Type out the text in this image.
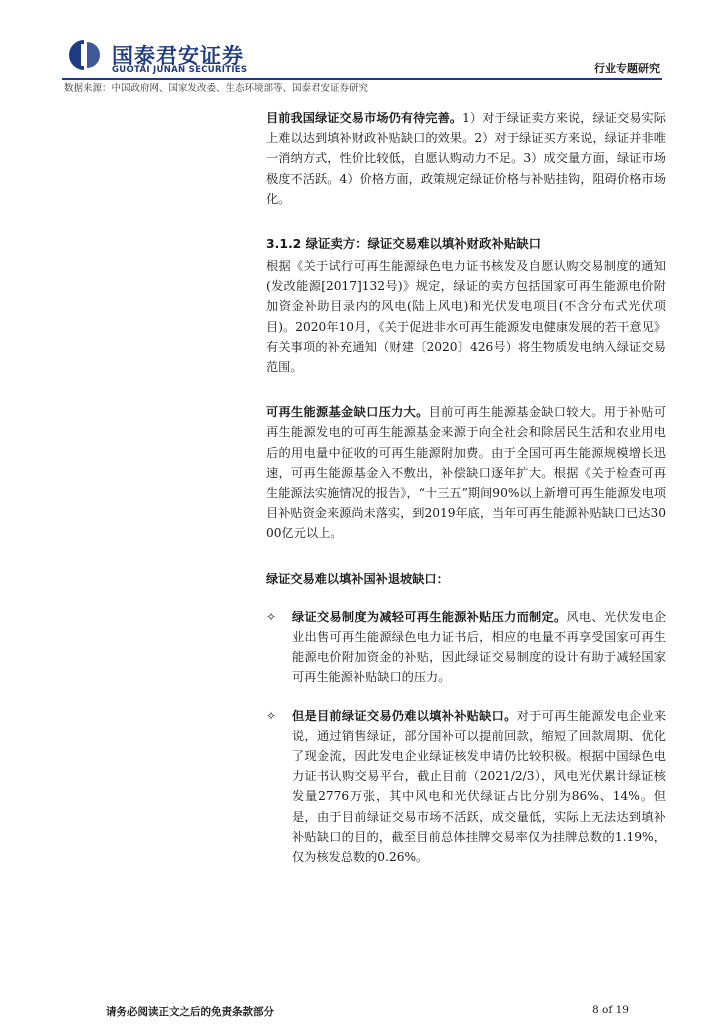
国泰君安证券
GUOTAI JUNAN SECURITIES	行业专题研究
数据来源：中国政府网、国家发改委、生态环境部等、国泰君安证券研究

目前我国绿证交易市场仍有待完善。1）对于绿证卖方来说，绿证交易实际上难以达到填补财政补贴缺口的效果。2）对于绿证买方来说，绿证并非唯一消纳方式，性价比较低，自愿认购动力不足。3）成交量方面，绿证市场极度不活跃。4）价格方面，政策规定绿证价格与补贴挂钩，阻碍价格市场化。

3.1.2 绿证卖方：绿证交易难以填补财政补贴缺口

根据《关于试行可再生能源绿色电力证书核发及自愿认购交易制度的通知(发改能源[2017]132号)》规定，绿证的卖方包括国家可再生能源电价附加资金补助目录内的风电(陆上风电)和光伏发电项目(不含分布式光伏项目)。2020年10月，《关于促进非水可再生能源发电健康发展的若干意见》有关事项的补充通知（财建〔2020〕426号）将生物质发电纳入绿证交易范围。

可再生能源基金缺口压力大。目前可再生能源基金缺口较大。用于补贴可再生能源发电的可再生能源基金来源于向全社会和除居民生活和农业用电后的用电量中征收的可再生能源附加费。由于全国可再生能源规模增长迅速，可再生能源基金入不敷出，补偿缺口逐年扩大。根据《关于检查可再生能源法实施情况的报告》，“十三五”期间90%以上新增可再生能源发电项目补贴资金来源尚未落实，到2019年底，当年可再生能源补贴缺口已达3000亿元以上。

绿证交易难以填补国补退坡缺口：

✧ 绿证交易制度为减轻可再生能源补贴压力而制定。风电、光伏发电企业出售可再生能源绿色电力证书后，相应的电量不再享受国家可再生能源电价附加资金的补贴，因此绿证交易制度的设计有助于减轻国家可再生能源补贴缺口的压力。

✧ 但是目前绿证交易仍难以填补补贴缺口。对于可再生能源发电企业来说，通过销售绿证，部分国补可以提前回款，缩短了回款周期、优化了现金流，因此发电企业绿证核发申请仍比较积极。根据中国绿色电力证书认购交易平台，截止目前（2021/2/3），风电光伏累计绿证核发量2776万张，其中风电和光伏绿证占比分别为86%、14%。但是，由于目前绿证交易市场不活跃，成交量低，实际上无法达到填补补贴缺口的目的，截至目前总体挂牌交易率仅为挂牌总数的1.19%，仅为核发总数的0.26%。

请务必阅读正文之后的免责条款部分	8 of 19
